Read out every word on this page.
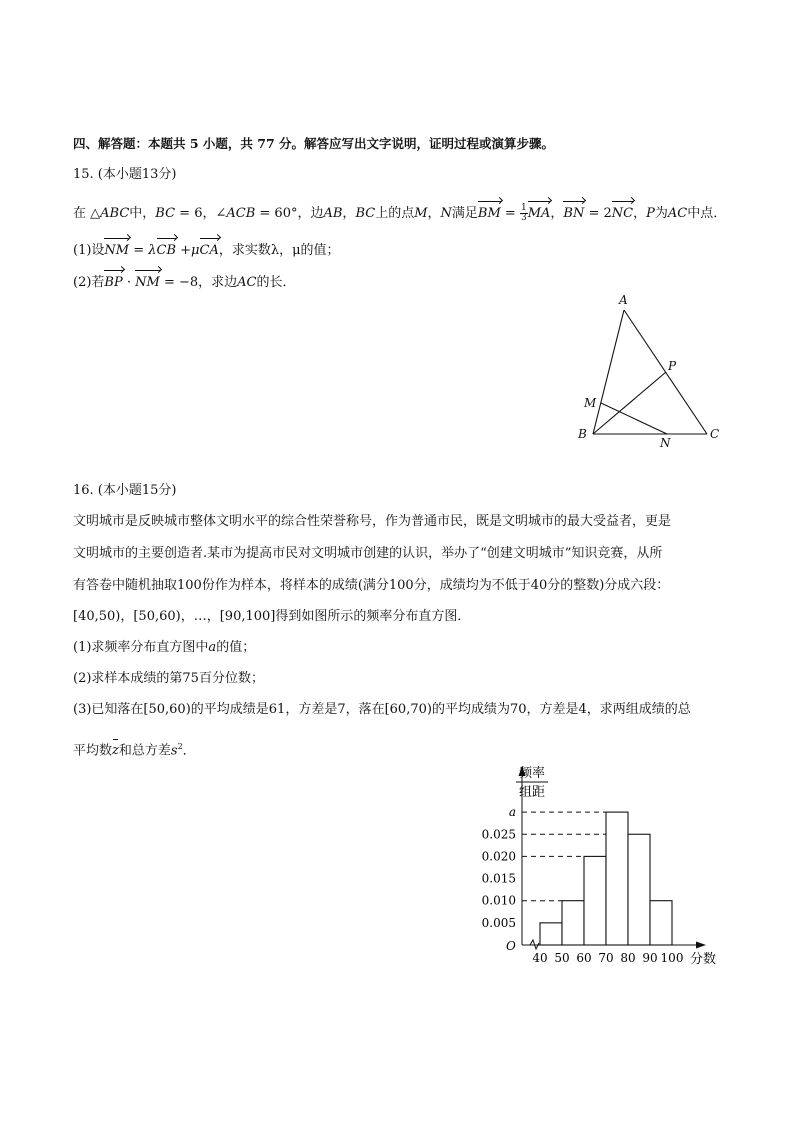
四、解答题：本题共 5 小题，共 77 分。解答应写出文字说明，证明过程或演算步骤。
15. (本小题13分)
在 △ABC中，BC = 6，∠ACB = 60°，边AB，BC上的点M，N满足BM = $\frac{1}{3}$ MA，BN = 2NC，P为AC中点．
(1)设NM = λCB +μCA，求实数λ，μ的值；
(2)若BP · NM = −8，求边AC的长．
A
B	C
M
N
P
16. (本小题15分)
文明城市是反映城市整体文明水平的综合性荣誉称号，作为普通市民，既是文明城市的最大受益者，更是
文明城市的主要创造者.某市为提高市民对文明城市创建的认识，举办了“创建文明城市”知识竞赛，从所
有答卷中随机抽取100份作为样本，将样本的成绩(满分100分，成绩均为不低于40分的整数)分成六段：
[40,50)，[50,60)，…，[90,100]得到如图所示的频率分布直方图．
(1)求频率分布直方图中a的值；
(2)求样本成绩的第75百分位数；
(3)已知落在[50,60)的平均成绩是61，方差是7，落在[60,70)的平均成绩为70，方差是4，求两组成绩的总
平均数z和总方差$s^2$．
频率
组距
分数
O
0.005
0.010
0.015
0.020
0.025
a
40 50 60 70 80 90 100
